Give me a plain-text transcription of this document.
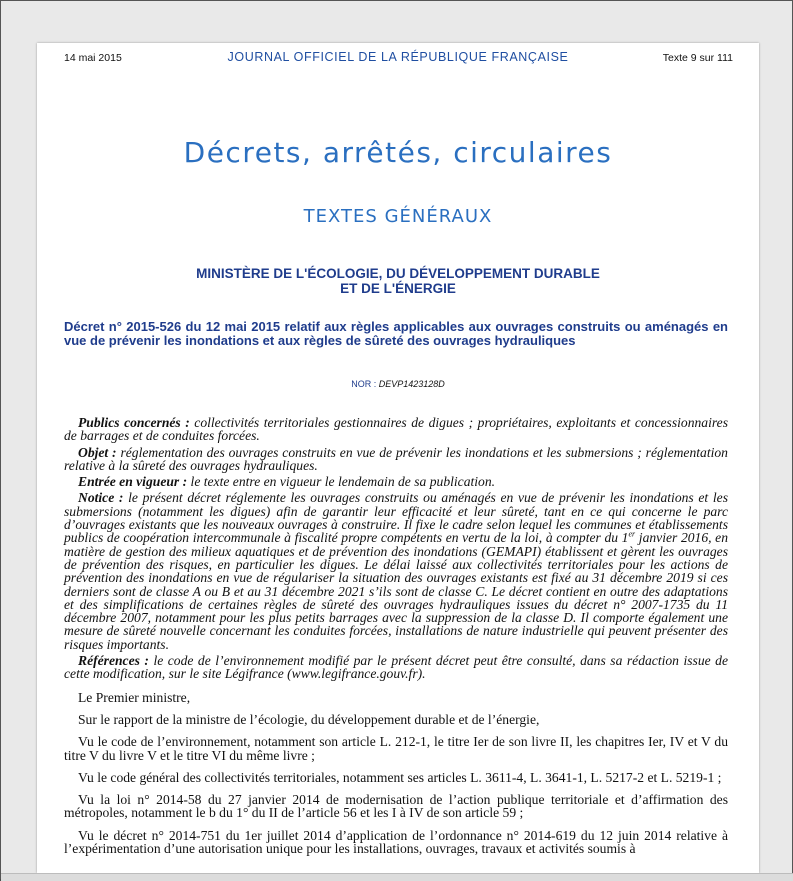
14 mai 2015	JOURNAL OFFICIEL DE LA RÉPUBLIQUE FRANÇAISE	Texte 9 sur 111
Décrets, arrêtés, circulaires
TEXTES GÉNÉRAUX
MINISTÈRE DE L'ÉCOLOGIE, DU DÉVELOPPEMENT DURABLE
ET DE L'ÉNERGIE
Décret n° 2015-526 du 12 mai 2015 relatif aux règles applicables aux ouvrages construits ou aménagés en vue de prévenir les inondations et aux règles de sûreté des ouvrages hydrauliques
NOR : DEVP1423128D

Publics concernés : collectivités territoriales gestionnaires de digues ; propriétaires, exploitants et concessionnaires de barrages et de conduites forcées.

Objet : réglementation des ouvrages construits en vue de prévenir les inondations et les submersions ; réglementation relative à la sûreté des ouvrages hydrauliques.

Entrée en vigueur : le texte entre en vigueur le lendemain de sa publication.

Notice : le présent décret réglemente les ouvrages construits ou aménagés en vue de prévenir les inondations et les submersions (notamment les digues) afin de garantir leur efficacité et leur sûreté, tant en ce qui concerne le parc d’ouvrages existants que les nouveaux ouvrages à construire. Il fixe le cadre selon lequel les communes et établissements publics de coopération intercommunale à fiscalité propre compétents en vertu de la loi, à compter du 1er janvier 2016, en matière de gestion des milieux aquatiques et de prévention des inondations (GEMAPI) établissent et gèrent les ouvrages de prévention des risques, en particulier les digues. Le délai laissé aux collectivités territoriales pour les actions de prévention des inondations en vue de régulariser la situation des ouvrages existants est fixé au 31 décembre 2019 si ces derniers sont de classe A ou B et au 31 décembre 2021 s’ils sont de classe C. Le décret contient en outre des adaptations et des simplifications de certaines règles de sûreté des ouvrages hydrauliques issues du décret n° 2007-1735 du 11 décembre 2007, notamment pour les plus petits barrages avec la suppression de la classe D. Il comporte également une mesure de sûreté nouvelle concernant les conduites forcées, installations de nature industrielle qui peuvent présenter des risques importants.

Références : le code de l’environnement modifié par le présent décret peut être consulté, dans sa rédaction issue de cette modification, sur le site Légifrance (www.legifrance.gouv.fr).

Le Premier ministre,

Sur le rapport de la ministre de l’écologie, du développement durable et de l’énergie,

Vu le code de l’environnement, notamment son article L. 212-1, le titre Ier de son livre II, les chapitres Ier, IV et V du titre V du livre V et le titre VI du même livre ;

Vu le code général des collectivités territoriales, notamment ses articles L. 3611-4, L. 3641-1, L. 5217-2 et L. 5219-1 ;

Vu la loi n° 2014-58 du 27 janvier 2014 de modernisation de l’action publique territoriale et d’affirmation des métropoles, notamment le b du 1° du II de l’article 56 et les I à IV de son article 59 ;

Vu le décret n° 2014-751 du 1er juillet 2014 d’application de l’ordonnance n° 2014-619 du 12 juin 2014 relative à l’expérimentation d’une autorisation unique pour les installations, ouvrages, travaux et activités soumis à
